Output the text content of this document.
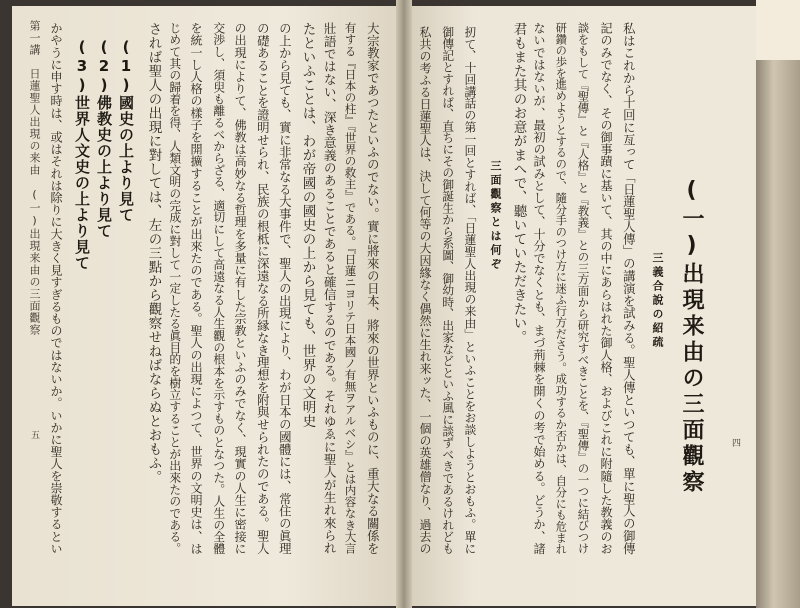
(一)出現来由の三面觀察
三義合說の紹疏
私はこれから十回に亙って「日蓮聖人傳」の講演を試みる。聖人傳といつても、單に聖人の御傳
記のみでなく、その御事蹟に基いて、其の中にあらはれた御人格、およびこれに附隨した教義のお
談をもして『聖傳』と『人格』と『教義』との三方面から研究すべきことを、『聖傳』の一つに結びつけ
研鑽の歩を進めようとするので、隨分手のつけ方に迷ふ行方ださう。成功するか否かは、自分にも危まれ
ないではないが、最初の試みとして、十分でなくとも、まづ荊棘を開くの考で始める。どうか、諸
君もまた其のお意がまへで、聽いていただきたい。
三面觀察とは何ぞ
扨て、十回講話の第一回とすれば、「日蓮聖人出現の来由」といふことをお談しようとおもふ。單に
御傳記とすれば、直ちにその御誕生から系圖、御幼時、出家などといふ風に談ずべきであるけれども
私共の考ふる日蓮聖人は、決して何等の大因緣なく偶然に生れ来ッた、一個の英雄僧なり、過去の	四
大宗教家であつたといふのでない。實に將來の日本、將來の世界といふものに、重大なる關係を
有する『日本の柱』『世界の救主』である。『日蓮ニヨリテ日本國ノ有無ヲアルベシ』とは内容なき大言
壯語ではない、深き意義のあることであると確信するのである。それゆゑに聖人が生れ來られ
たといふことは、わが帝國の國史の上から見ても、世界の文明史
の上から見ても、實に非常なる大事件で、聖人の出現により、わが日本の國體には、常住の眞理
の礎あることを證明せられ、民族の根柢に深遠なる所縁なき理想を附與せられたのである。聖人
の出現によりて、佛教は高妙なる哲理を多量に有した宗教といふのみでなく、現實の人生に密接に
交渉し、須臾も離るべからざる、適切にして高遠なる人生觀の根本を示すものとなつた。人生の全體
を統一し人格の樣子を開擴することが出來たのである。聖人の出現によつて、世界の文明史は、は
じめて其の歸着を得、人類文明の完成に對して一定したる眞目的を樹立することが出來たのである。
されば聖人の出現に對しては、左の三點から觀察せねばならぬとおもふ。
(1)國史の上より見て
(2)佛教史の上より見て
(3)世界人文史の上より見て
かやうに申す時は、或はそれは除りに大きく見すぎるものではないか。いかに聖人を崇敬するとい
第一講　日蓮聖人出現の来由　(一)出現来由の三面觀察
五
